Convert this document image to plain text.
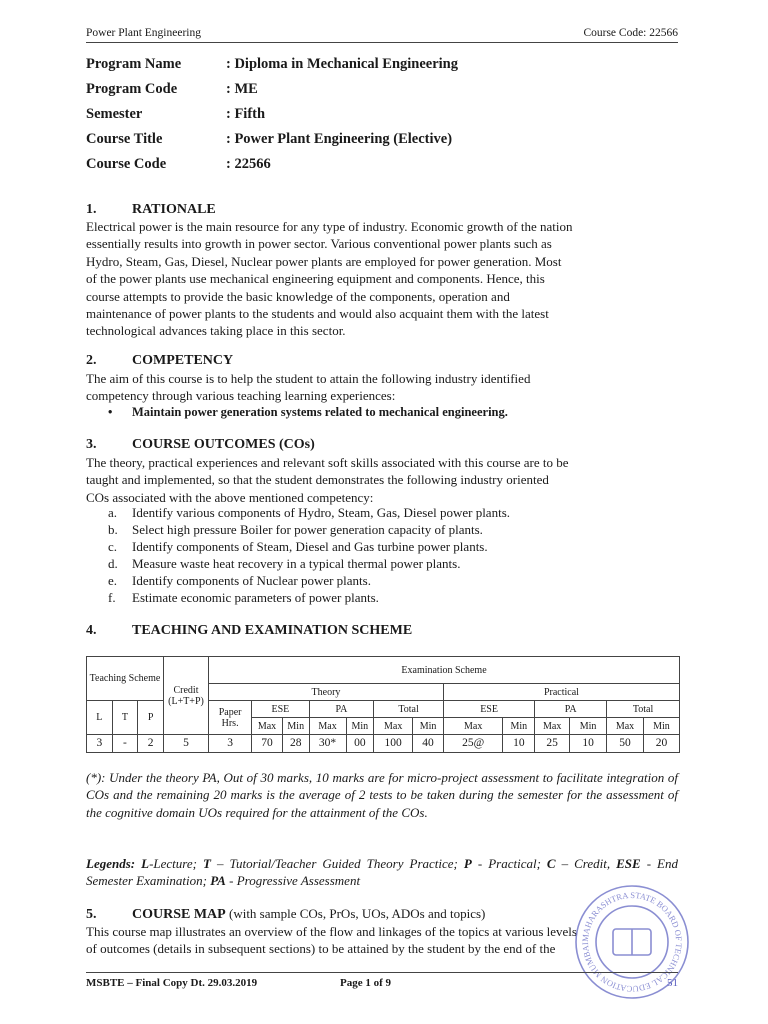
Power Plant Engineering	Course Code: 22566
Program Name	: Diploma in Mechanical Engineering
Program Code	: ME
Semester	: Fifth
Course Title	: Power Plant Engineering (Elective)
Course Code	: 22566
1.	RATIONALE

Electrical power is the main resource for any type of industry. Economic growth of the nation

essentially results into growth in power sector. Various conventional power plants such as

Hydro, Steam, Gas, Diesel, Nuclear power plants are employed for power generation. Most

of the power plants use mechanical engineering equipment and components. Hence, this

course attempts to provide the basic knowledge of the components, operation and

maintenance of power plants to the students and would also acquaint them with the latest

technological advances taking place in this sector.

2.	COMPETENCY

The aim of this course is to help the student to attain the following industry identified

competency through various teaching learning experiences:

•	Maintain power generation systems related to mechanical engineering.
3.	COURSE OUTCOMES (COs)

The theory, practical experiences and relevant soft skills associated with this course are to be

taught and implemented, so that the student demonstrates the following industry oriented

COs associated with the above mentioned competency:

a.	Identify various components of Hydro, Steam, Gas, Diesel power plants.
b.	Select high pressure Boiler for power generation capacity of plants.
c.	Identify components of Steam, Diesel and Gas turbine power plants.
d.	Measure waste heat recovery in a typical thermal power plants.
e.	Identify components of Nuclear power plants.
f.	Estimate economic parameters of power plants.
4.	TEACHING AND EXAMINATION SCHEME
Teaching Scheme			Credit (L+T+P)	Examination Scheme												
				Theory							Practical					
L	T	P		Paper Hrs.	ESE		PA		Total		ESE		PA		Total	
					Max	Min	Max	Min	Max	Min	Max	Min	Max	Min	Max	Min
3	-	2	5	3	70	28	30*	00	100	40	25@	10	25	10	50	20
(*): Under the theory PA, Out of 30 marks, 10 marks are for micro-project assessment to facilitate integration of COs and the remaining 20 marks is the average of 2 tests to be taken during the semester for the assessment of the cognitive domain UOs required for the attainment of the COs.
Legends: L-Lecture; T – Tutorial/Teacher Guided Theory Practice; P - Practical; C – Credit, ESE - End Semester Examination; PA - Progressive Assessment
5.	COURSE MAP (with sample COs, PrOs, UOs, ADOs and topics)

This course map illustrates an overview of the flow and linkages of the topics at various levels

of outcomes (details in subsequent sections) to be attained by the student by the end of the

MAHARASHTRA STATE BOARD OF TECHNICAL EDUCATION MUMBAI
MSBTE – Final Copy Dt. 29.03.2019	Page 1 of 9	51
